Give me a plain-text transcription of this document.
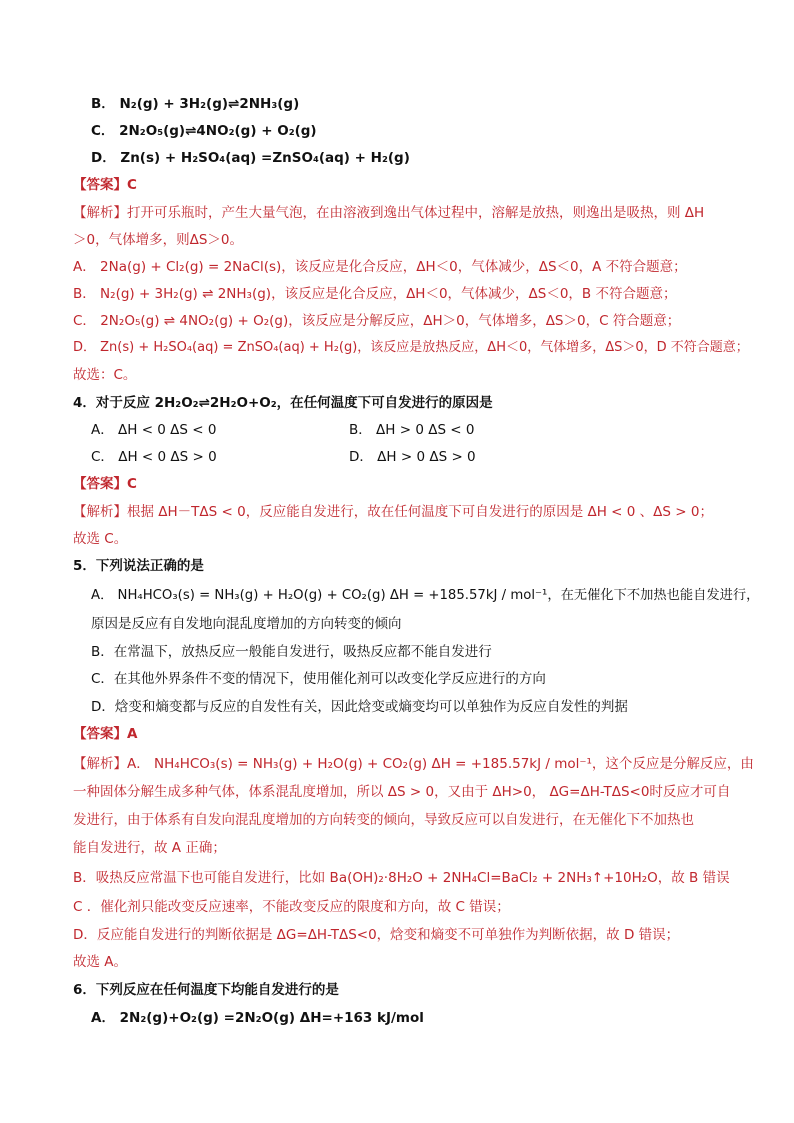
B． N₂(g) + 3H₂(g)⇌2NH₃(g)
C． 2N₂O₅(g)⇌4NO₂(g) + O₂(g)
D． Zn(s) + H₂SO₄(aq) =ZnSO₄(aq) + H₂(g)
【答案】C
【解析】打开可乐瓶时，产生大量气泡，在由溶液到逸出气体过程中，溶解是放热，则逸出是吸热，则 ΔH
＞0，气体增多，则ΔS＞0。
A． 2Na(g) + Cl₂(g) = 2NaCl(s)，该反应是化合反应，ΔH＜0，气体减少，ΔS＜0，A 不符合题意；
B． N₂(g) + 3H₂(g) ⇌ 2NH₃(g)，该反应是化合反应，ΔH＜0，气体减少，ΔS＜0，B 不符合题意；
C． 2N₂O₅(g) ⇌ 4NO₂(g) + O₂(g)，该反应是分解反应，ΔH＞0，气体增多，ΔS＞0，C 符合题意；
D． Zn(s) + H₂SO₄(aq) = ZnSO₄(aq) + H₂(g)，该反应是放热反应，ΔH＜0，气体增多，ΔS＞0，D 不符合题意；
故选：C。
4．对于反应 2H₂O₂⇌2H₂O+O₂，在任何温度下可自发进行的原因是
A． ΔH < 0 ΔS < 0	B． ΔH > 0 ΔS < 0
C． ΔH < 0 ΔS > 0	D． ΔH > 0 ΔS > 0
【答案】C
【解析】根据 ΔH－TΔS < 0，反应能自发进行，故在任何温度下可自发进行的原因是 ΔH < 0 、ΔS > 0；
故选 C。
5．下列说法正确的是
A． NH₄HCO₃(s) = NH₃(g) + H₂O(g) + CO₂(g) ΔH = +185.57kJ / mol⁻¹，在无催化下不加热也能自发进行，
原因是反应有自发地向混乱度增加的方向转变的倾向
B．在常温下，放热反应一般能自发进行，吸热反应都不能自发进行
C．在其他外界条件不变的情况下，使用催化剂可以改变化学反应进行的方向
D．焓变和熵变都与反应的自发性有关，因此焓变或熵变均可以单独作为反应自发性的判据
【答案】A
【解析】A． NH₄HCO₃(s) = NH₃(g) + H₂O(g) + CO₂(g) ΔH = +185.57kJ / mol⁻¹，这个反应是分解反应，由
一种固体分解生成多种气体，体系混乱度增加，所以 ΔS > 0，又由于 ΔH>0， ΔG=ΔH-TΔS<0时反应才可自
发进行，由于体系有自发向混乱度增加的方向转变的倾向，导致反应可以自发进行，在无催化下不加热也
能自发进行，故 A 正确；
B．吸热反应常温下也可能自发进行，比如 Ba(OH)₂·8H₂O + 2NH₄Cl=BaCl₂ + 2NH₃↑+10H₂O，故 B 错误
C ．催化剂只能改变反应速率，不能改变反应的限度和方向，故 C 错误；
D．反应能自发进行的判断依据是 ΔG=ΔH-TΔS<0，焓变和熵变不可单独作为判断依据，故 D 错误；
故选 A。
6．下列反应在任何温度下均能自发进行的是
A． 2N₂(g)+O₂(g) =2N₂O(g) ΔH=+163 kJ/mol
